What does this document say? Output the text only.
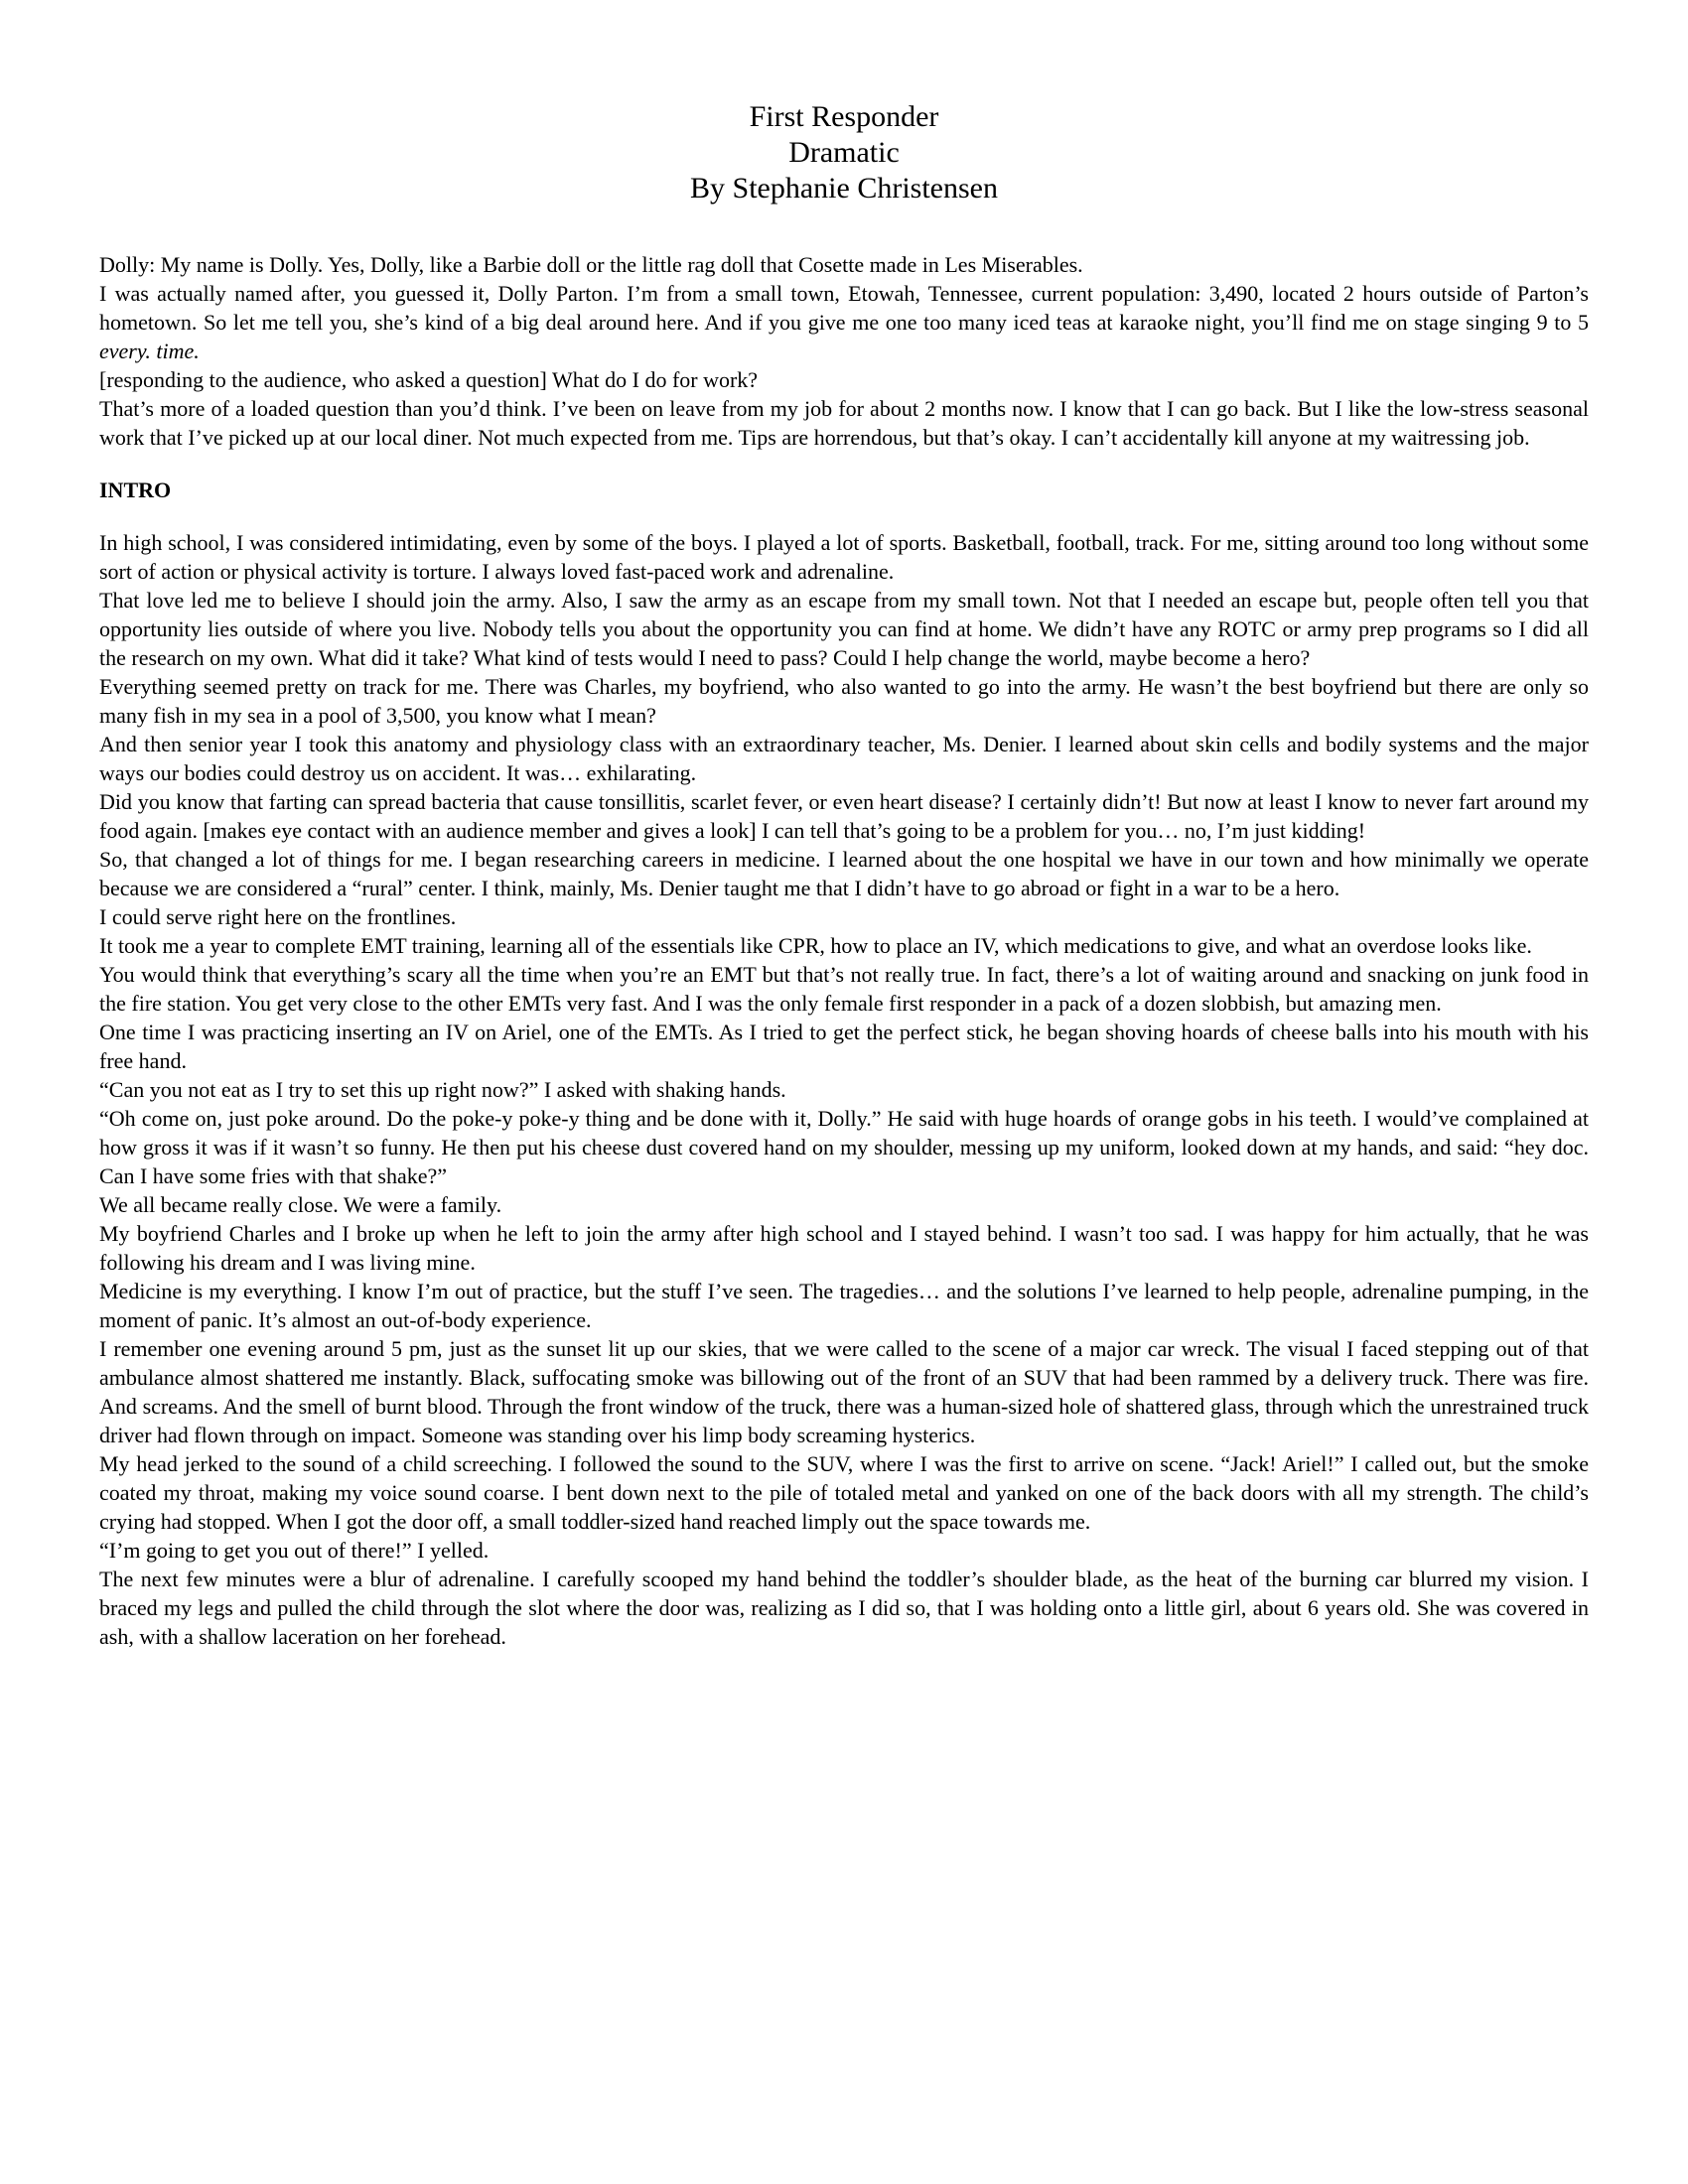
First Responder
Dramatic
By Stephanie Christensen

Dolly: My name is Dolly. Yes, Dolly, like a Barbie doll or the little rag doll that Cosette made in Les Miserables.

I was actually named after, you guessed it, Dolly Parton. I’m from a small town, Etowah, Tennessee, current population: 3,490, located 2 hours outside of Parton’s hometown. So let me tell you, she’s kind of a big deal around here. And if you give me one too many iced teas at karaoke night, you’ll find me on stage singing 9 to 5 every. time.

[responding to the audience, who asked a question] What do I do for work?

That’s more of a loaded question than you’d think. I’ve been on leave from my job for about 2 months now. I know that I can go back. But I like the low-stress seasonal work that I’ve picked up at our local diner. Not much expected from me. Tips are horrendous, but that’s okay. I can’t accidentally kill anyone at my waitressing job.

INTRO

In high school, I was considered intimidating, even by some of the boys. I played a lot of sports. Basketball, football, track. For me, sitting around too long without some sort of action or physical activity is torture. I always loved fast-paced work and adrenaline.

That love led me to believe I should join the army. Also, I saw the army as an escape from my small town. Not that I needed an escape but, people often tell you that opportunity lies outside of where you live. Nobody tells you about the opportunity you can find at home. We didn’t have any ROTC or army prep programs so I did all the research on my own. What did it take? What kind of tests would I need to pass? Could I help change the world, maybe become a hero?

Everything seemed pretty on track for me. There was Charles, my boyfriend, who also wanted to go into the army. He wasn’t the best boyfriend but there are only so many fish in my sea in a pool of 3,500, you know what I mean?

And then senior year I took this anatomy and physiology class with an extraordinary teacher, Ms. Denier. I learned about skin cells and bodily systems and the major ways our bodies could destroy us on accident. It was… exhilarating.

Did you know that farting can spread bacteria that cause tonsillitis, scarlet fever, or even heart disease? I certainly didn’t! But now at least I know to never fart around my food again. [makes eye contact with an audience member and gives a look] I can tell that’s going to be a problem for you… no, I’m just kidding!

So, that changed a lot of things for me. I began researching careers in medicine. I learned about the one hospital we have in our town and how minimally we operate because we are considered a “rural” center. I think, mainly, Ms. Denier taught me that I didn’t have to go abroad or fight in a war to be a hero.

I could serve right here on the frontlines.

It took me a year to complete EMT training, learning all of the essentials like CPR, how to place an IV, which medications to give, and what an overdose looks like.

You would think that everything’s scary all the time when you’re an EMT but that’s not really true. In fact, there’s a lot of waiting around and snacking on junk food in the fire station. You get very close to the other EMTs very fast. And I was the only female first responder in a pack of a dozen slobbish, but amazing men.

One time I was practicing inserting an IV on Ariel, one of the EMTs. As I tried to get the perfect stick, he began shoving hoards of cheese balls into his mouth with his free hand.

“Can you not eat as I try to set this up right now?” I asked with shaking hands.

“Oh come on, just poke around. Do the poke-y poke-y thing and be done with it, Dolly.” He said with huge hoards of orange gobs in his teeth. I would’ve complained at how gross it was if it wasn’t so funny. He then put his cheese dust covered hand on my shoulder, messing up my uniform, looked down at my hands, and said: “hey doc. Can I have some fries with that shake?”

We all became really close. We were a family.

My boyfriend Charles and I broke up when he left to join the army after high school and I stayed behind. I wasn’t too sad. I was happy for him actually, that he was following his dream and I was living mine.

Medicine is my everything. I know I’m out of practice, but the stuff I’ve seen. The tragedies… and the solutions I’ve learned to help people, adrenaline pumping, in the moment of panic. It’s almost an out-of-body experience.

I remember one evening around 5 pm, just as the sunset lit up our skies, that we were called to the scene of a major car wreck. The visual I faced stepping out of that ambulance almost shattered me instantly. Black, suffocating smoke was billowing out of the front of an SUV that had been rammed by a delivery truck. There was fire. And screams. And the smell of burnt blood. Through the front window of the truck, there was a human-sized hole of shattered glass, through which the unrestrained truck driver had flown through on impact. Someone was standing over his limp body screaming hysterics.

My head jerked to the sound of a child screeching. I followed the sound to the SUV, where I was the first to arrive on scene. “Jack! Ariel!” I called out, but the smoke coated my throat, making my voice sound coarse. I bent down next to the pile of totaled metal and yanked on one of the back doors with all my strength. The child’s crying had stopped. When I got the door off, a small toddler-sized hand reached limply out the space towards me.

“I’m going to get you out of there!” I yelled.

The next few minutes were a blur of adrenaline. I carefully scooped my hand behind the toddler’s shoulder blade, as the heat of the burning car blurred my vision. I braced my legs and pulled the child through the slot where the door was, realizing as I did so, that I was holding onto a little girl, about 6 years old. She was covered in ash, with a shallow laceration on her forehead.
